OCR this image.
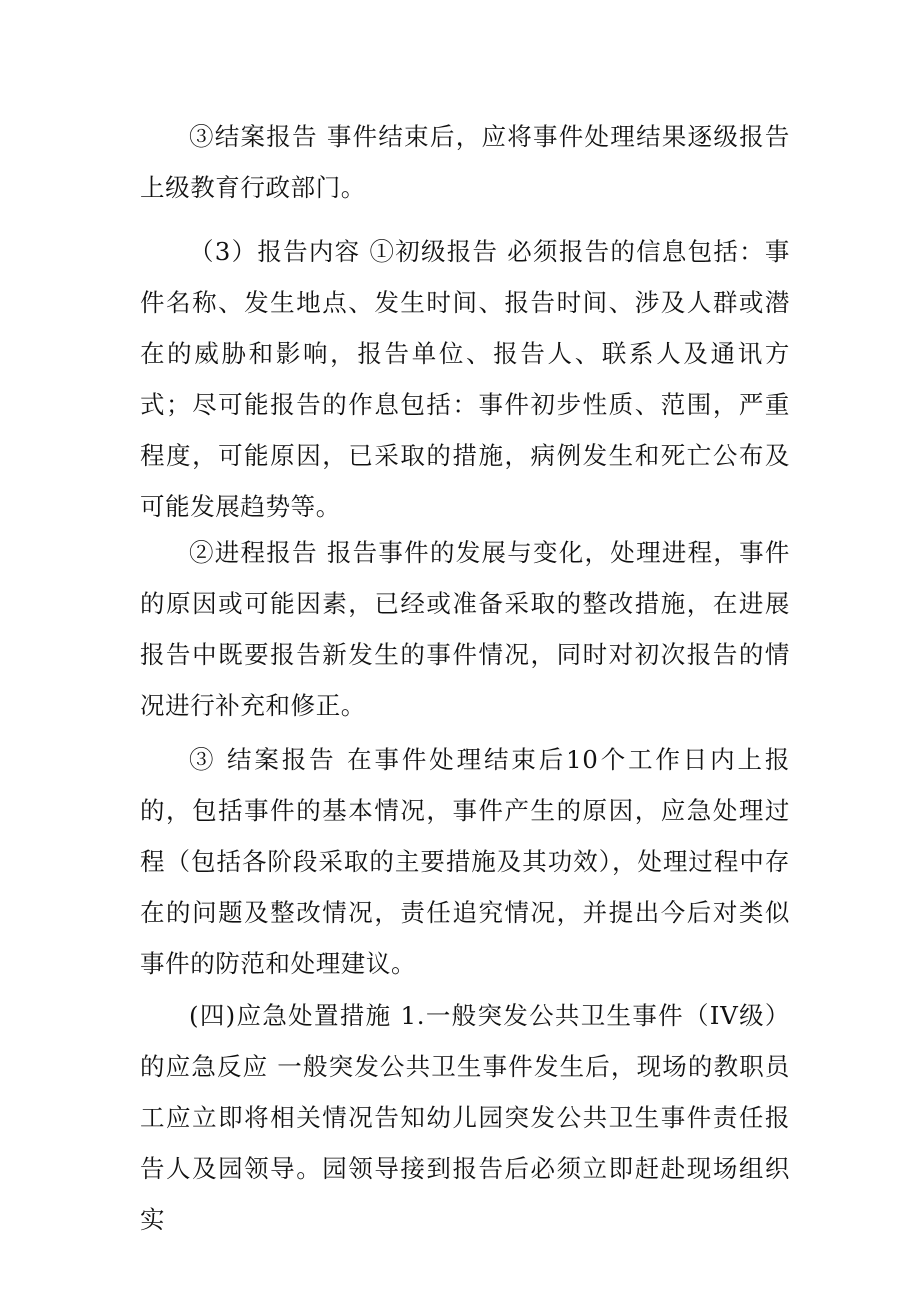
③结案报告 事件结束后，应将事件处理结果逐级报告上级教育行政部门。

（3）报告内容 ①初级报告 必须报告的信息包括：事件名称、发生地点、发生时间、报告时间、涉及人群或潜在的威胁和影响，报告单位、报告人、联系人及通讯方式；尽可能报告的作息包括：事件初步性质、范围，严重程度，可能原因，已采取的措施，病例发生和死亡公布及可能发展趋势等。

②进程报告 报告事件的发展与变化，处理进程，事件的原因或可能因素，已经或准备采取的整改措施，在进展报告中既要报告新发生的事件情况，同时对初次报告的情况进行补充和修正。

③ 结案报告 在事件处理结束后10个工作日内上报的，包括事件的基本情况，事件产生的原因，应急处理过程（包括各阶段采取的主要措施及其功效），处理过程中存在的问题及整改情况，责任追究情况，并提出今后对类似事件的防范和处理建议。

(四)应急处置措施 1.一般突发公共卫生事件（IV级）的应急反应 一般突发公共卫生事件发生后，现场的教职员工应立即将相关情况告知幼儿园突发公共卫生事件责任报告人及园领导。园领导接到报告后必须立即赶赴现场组织实
